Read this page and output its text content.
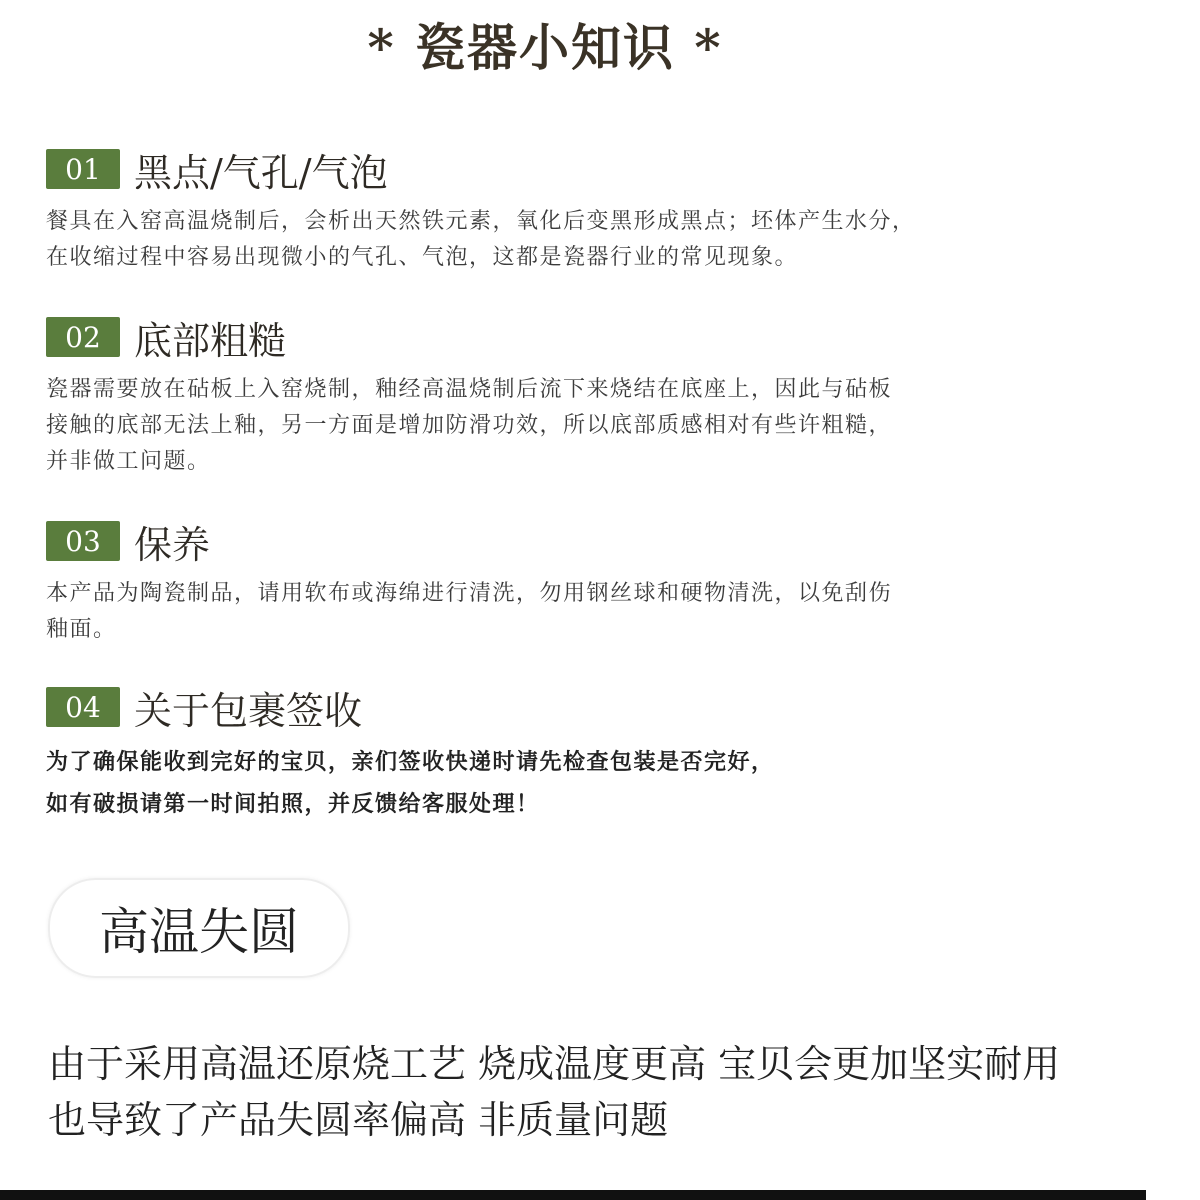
* 瓷器小知识 *
01 黑点/气孔/气泡
餐具在入窑高温烧制后，会析出天然铁元素，氧化后变黑形成黑点；坯体产生水分，
在收缩过程中容易出现微小的气孔、气泡，这都是瓷器行业的常见现象。
02 底部粗糙
瓷器需要放在砧板上入窑烧制，釉经高温烧制后流下来烧结在底座上，因此与砧板
接触的底部无法上釉，另一方面是增加防滑功效，所以底部质感相对有些许粗糙，
并非做工问题。
03 保养
本产品为陶瓷制品，请用软布或海绵进行清洗，勿用钢丝球和硬物清洗，以免刮伤
釉面。
04 关于包裹签收
为了确保能收到完好的宝贝，亲们签收快递时请先检查包装是否完好，
如有破损请第一时间拍照，并反馈给客服处理！
高温失圆
由于采用高温还原烧工艺 烧成温度更高 宝贝会更加坚实耐用
也导致了产品失圆率偏高 非质量问题
